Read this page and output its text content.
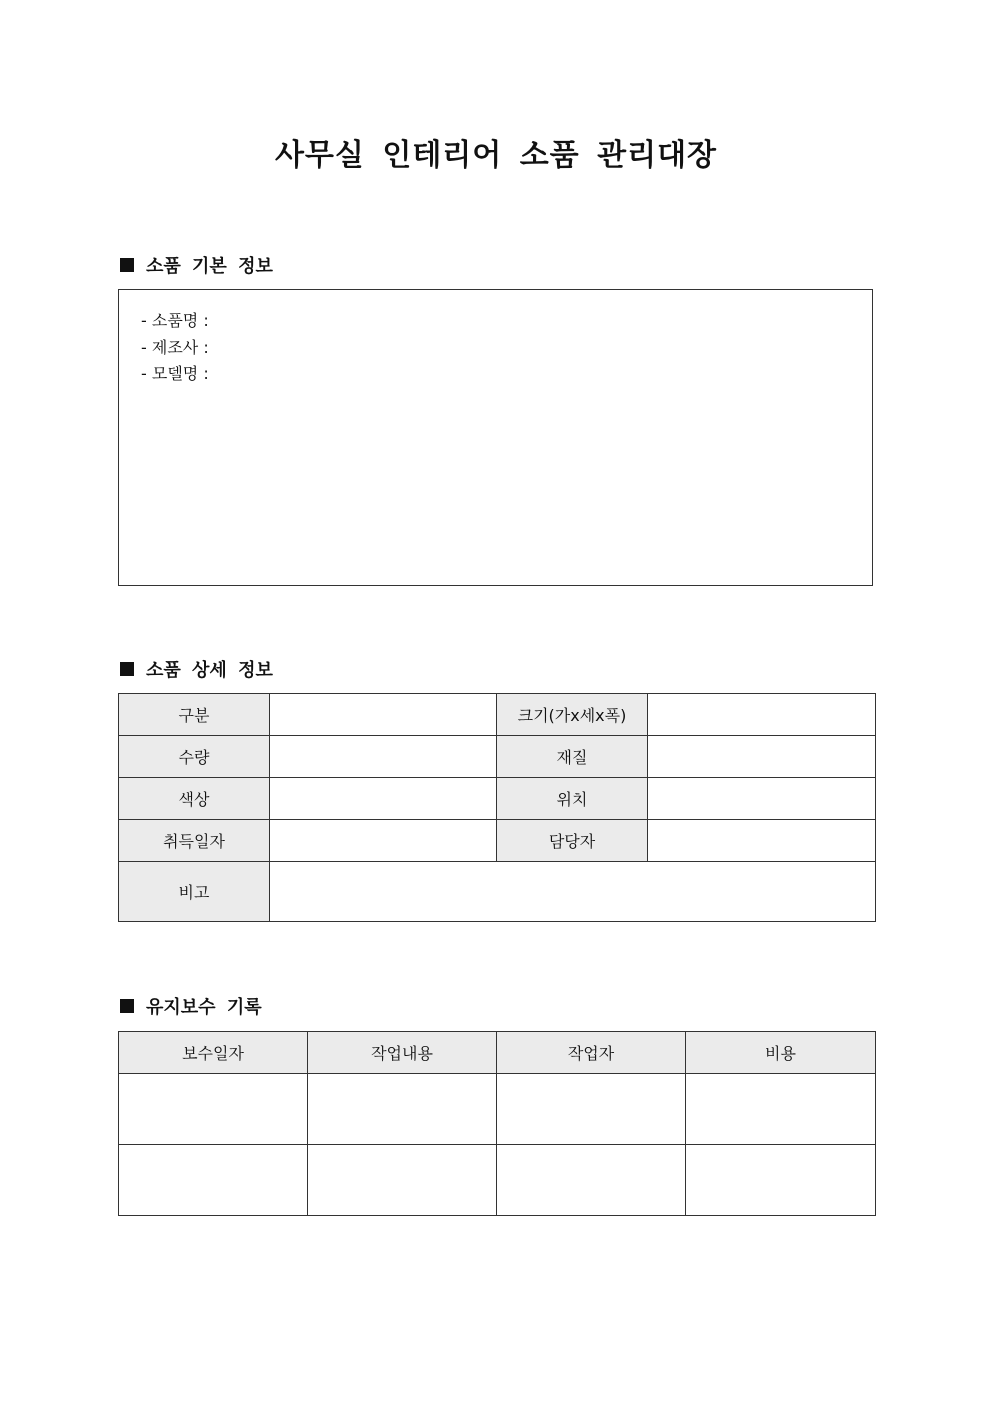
사무실 인테리어 소품 관리대장
소품 기본 정보
- 소품명 :
- 제조사 :
- 모델명 :
소품 상세 정보
구분		크기(가x세x폭)	
수량		재질	
색상		위치	
취득일자		담당자	
비고			
유지보수 기록
보수일자	작업내용	작업자	비용
